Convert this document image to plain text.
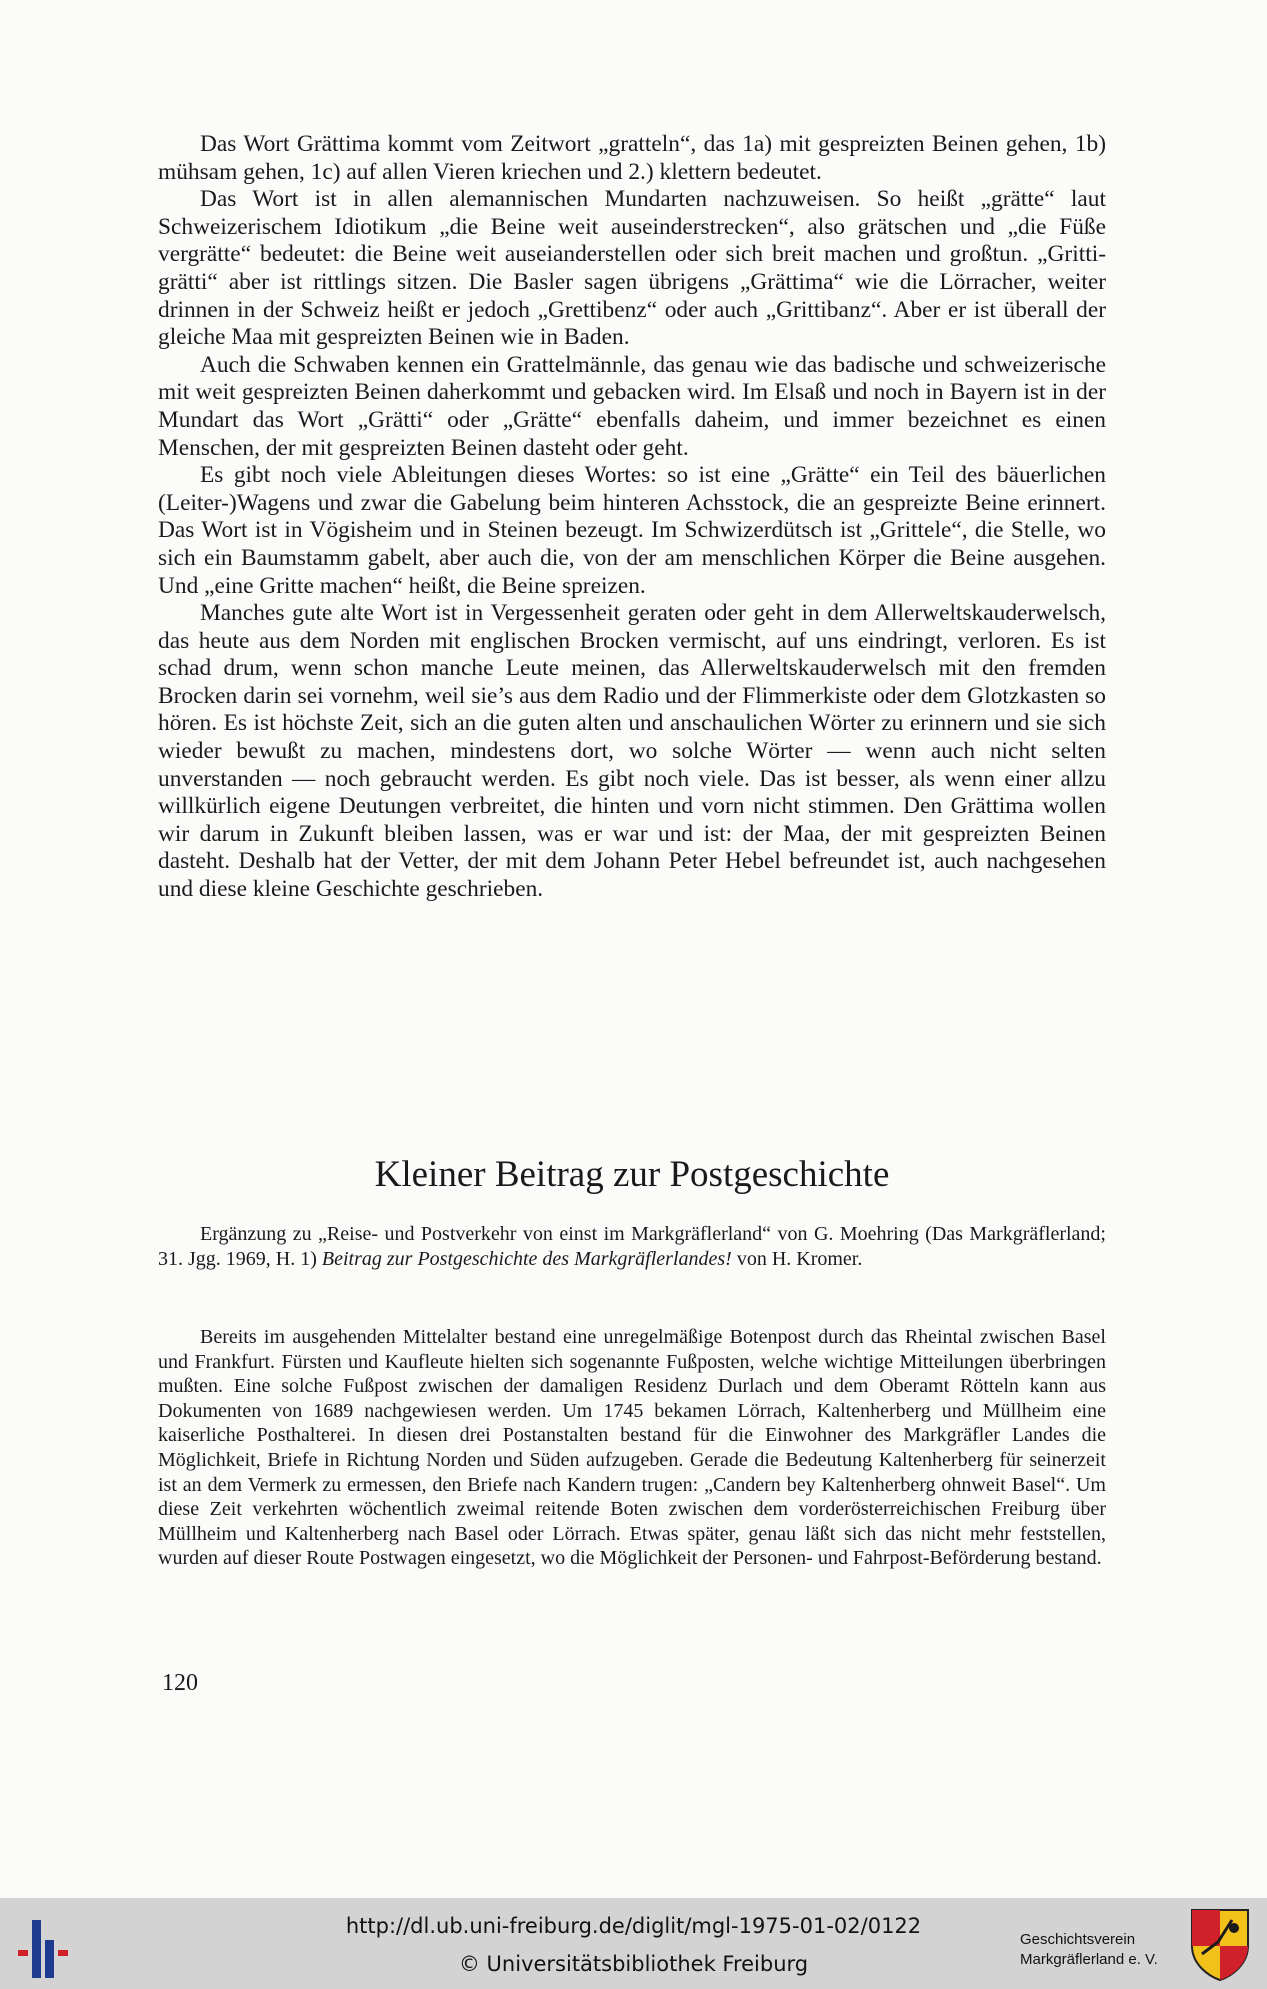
Das Wort Grättima kommt vom Zeitwort „gratteln“, das 1a) mit gespreizten Beinen gehen, 1b) mühsam gehen, 1c) auf allen Vieren kriechen und 2.) klettern bedeutet.

Das Wort ist in allen alemannischen Mundarten nachzuweisen. So heißt „grätte“ laut Schweizerischem Idiotikum „die Beine weit auseinderstrecken“, also grätschen und „die Füße vergrätte“ bedeutet: die Beine weit auseianderstellen oder sich breit machen und großtun. „Gritti-grätti“ aber ist rittlings sitzen. Die Basler sagen übrigens „Grättima“ wie die Lörracher, weiter drinnen in der Schweiz heißt er jedoch „Grettibenz“ oder auch „Grittibanz“. Aber er ist überall der gleiche Maa mit gespreizten Beinen wie in Baden.

Auch die Schwaben kennen ein Grattelmännle, das genau wie das badische und schweizerische mit weit gespreizten Beinen daherkommt und gebacken wird. Im Elsaß und noch in Bayern ist in der Mundart das Wort „Grätti“ oder „Grätte“ ebenfalls daheim, und immer bezeichnet es einen Menschen, der mit gespreizten Beinen dasteht oder geht.

Es gibt noch viele Ableitungen dieses Wortes: so ist eine „Grätte“ ein Teil des bäuerlichen (Leiter-)Wagens und zwar die Gabelung beim hinteren Achsstock, die an gespreizte Beine erinnert. Das Wort ist in Vögisheim und in Steinen bezeugt. Im Schwizerdütsch ist „Grittele“, die Stelle, wo sich ein Baumstamm gabelt, aber auch die, von der am menschlichen Körper die Beine ausgehen. Und „eine Gritte machen“ heißt, die Beine spreizen.

Manches gute alte Wort ist in Vergessenheit geraten oder geht in dem Allerweltskauderwelsch, das heute aus dem Norden mit englischen Brocken vermischt, auf uns eindringt, verloren. Es ist schad drum, wenn schon manche Leute meinen, das Allerweltskauderwelsch mit den fremden Brocken darin sei vornehm, weil sie’s aus dem Radio und der Flimmerkiste oder dem Glotzkasten so hören. Es ist höchste Zeit, sich an die guten alten und anschaulichen Wörter zu erinnern und sie sich wieder bewußt zu machen, mindestens dort, wo solche Wörter — wenn auch nicht selten unverstanden — noch gebraucht werden. Es gibt noch viele. Das ist besser, als wenn einer allzu willkürlich eigene Deutungen verbreitet, die hinten und vorn nicht stimmen. Den Grättima wollen wir darum in Zukunft bleiben lassen, was er war und ist: der Maa, der mit gespreizten Beinen dasteht. Deshalb hat der Vetter, der mit dem Johann Peter Hebel befreundet ist, auch nachgesehen und diese kleine Geschichte geschrieben.

Kleiner Beitrag zur Postgeschichte

Ergänzung zu „Reise- und Postverkehr von einst im Markgräflerland“ von G. Moehring (Das Markgräflerland; 31. Jgg. 1969, H. 1) Beitrag zur Postgeschichte des Markgräflerlandes! von H. Kromer.

Bereits im ausgehenden Mittelalter bestand eine unregelmäßige Botenpost durch das Rheintal zwischen Basel und Frankfurt. Fürsten und Kaufleute hielten sich sogenannte Fußposten, welche wichtige Mitteilungen überbringen mußten. Eine solche Fußpost zwischen der damaligen Residenz Durlach und dem Oberamt Rötteln kann aus Dokumenten von 1689 nachgewiesen werden. Um 1745 bekamen Lörrach, Kaltenherberg und Müllheim eine kaiserliche Posthalterei. In diesen drei Postanstalten bestand für die Einwohner des Markgräfler Landes die Möglichkeit, Briefe in Richtung Norden und Süden aufzugeben. Gerade die Bedeutung Kaltenherberg für seinerzeit ist an dem Vermerk zu ermessen, den Briefe nach Kandern trugen: „Candern bey Kaltenherberg ohnweit Basel“. Um diese Zeit verkehrten wöchentlich zweimal reitende Boten zwischen dem vorderösterreichischen Freiburg über Müllheim und Kaltenherberg nach Basel oder Lörrach. Etwas später, genau läßt sich das nicht mehr feststellen, wurden auf dieser Route Postwagen eingesetzt, wo die Möglichkeit der Personen- und Fahrpost-Beförderung bestand.

120
http://dl.ub.uni-freiburg.de/diglit/mgl-1975-01-02/0122
© Universitätsbibliothek Freiburg
Geschichtsverein
Markgräflerland e. V.
